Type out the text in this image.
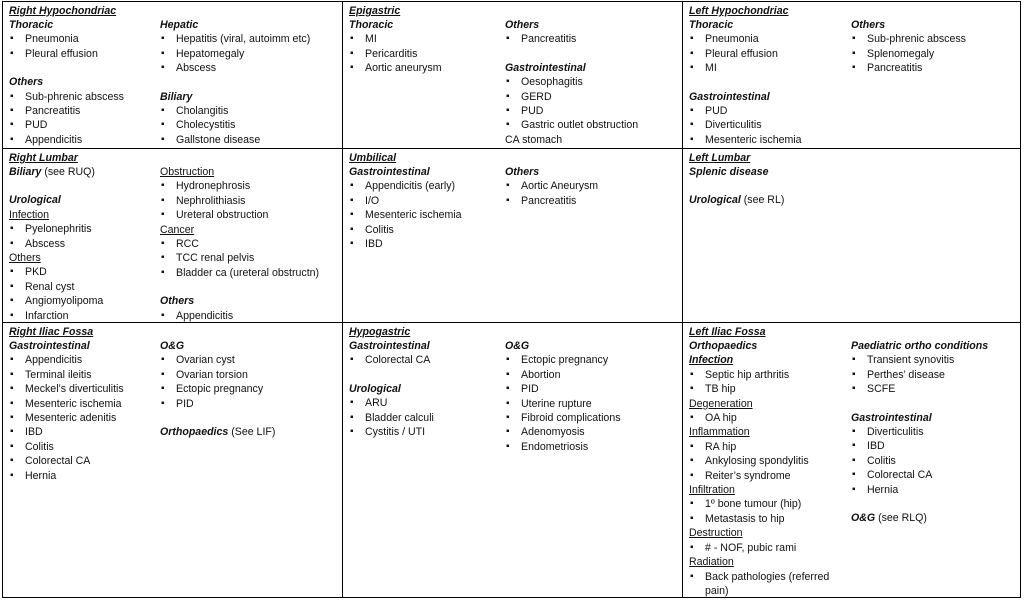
Right Hypochondriac
Thoracic
▪ Pneumonia
▪ Pleural effusion
Others
▪ Sub-phrenic abscess
▪ Pancreatitis
▪ PUD
▪ Appendicitis
Hepatic
▪ Hepatitis (viral, autoimm etc)
▪ Hepatomegaly
▪ Abscess
Biliary
▪ Cholangitis
▪ Cholecystitis
▪ Gallstone disease
Epigastric
Thoracic
▪ MI
▪ Pericarditis
▪ Aortic aneurysm
Others
▪ Pancreatitis
Gastrointestinal
▪ Oesophagitis
▪ GERD
▪ PUD
▪ Gastric outlet obstruction
CA stomach
Left Hypochondriac
Thoracic
▪ Pneumonia
▪ Pleural effusion
▪ MI
Gastrointestinal
▪ PUD
▪ Diverticulitis
▪ Mesenteric ischemia
Others
▪ Sub-phrenic abscess
▪ Splenomegaly
▪ Pancreatitis
Right Lumbar
Biliary (see RUQ)
Urological
Infection
▪ Pyelonephritis
▪ Abscess
Others
▪ PKD
▪ Renal cyst
▪ Angiomyolipoma
▪ Infarction
Obstruction
▪ Hydronephrosis
▪ Nephrolithiasis
▪ Ureteral obstruction
Cancer
▪ RCC
▪ TCC renal pelvis
▪ Bladder ca (ureteral obstructn)
Others
▪ Appendicitis
Umbilical
Gastrointestinal
▪ Appendicitis (early)
▪ I/O
▪ Mesenteric ischemia
▪ Colitis
▪ IBD
Others
▪ Aortic Aneurysm
▪ Pancreatitis
Left Lumbar
Splenic disease
Urological (see RL)
Right Iliac Fossa
Gastrointestinal
▪ Appendicitis
▪ Terminal ileitis
▪ Meckel’s diverticulitis
▪ Mesenteric ischemia
▪ Mesenteric adenitis
▪ IBD
▪ Colitis
▪ Colorectal CA
▪ Hernia
O&G
▪ Ovarian cyst
▪ Ovarian torsion
▪ Ectopic pregnancy
▪ PID
Orthopaedics (See LIF)
Hypogastric
Gastrointestinal
▪ Colorectal CA
Urological
▪ ARU
▪ Bladder calculi
▪ Cystitis / UTI
O&G
▪ Ectopic pregnancy
▪ Abortion
▪ PID
▪ Uterine rupture
▪ Fibroid complications
▪ Adenomyosis
▪ Endometriosis
Left Iliac Fossa
Orthopaedics
Infection
▪ Septic hip arthritis
▪ TB hip
Degeneration
▪ OA hip
Inflammation
▪ RA hip
▪ Ankylosing spondylitis
▪ Reiter’s syndrome
Infiltration
▪ 1º bone tumour (hip)
▪ Metastasis to hip
Destruction
▪ # - NOF, pubic rami
Radiation
▪ Back pathologies (referred pain)
Paediatric ortho conditions
▪ Transient synovitis
▪ Perthes’ disease
▪ SCFE
Gastrointestinal
▪ Diverticulitis
▪ IBD
▪ Colitis
▪ Colorectal CA
▪ Hernia
O&G (see RLQ)
